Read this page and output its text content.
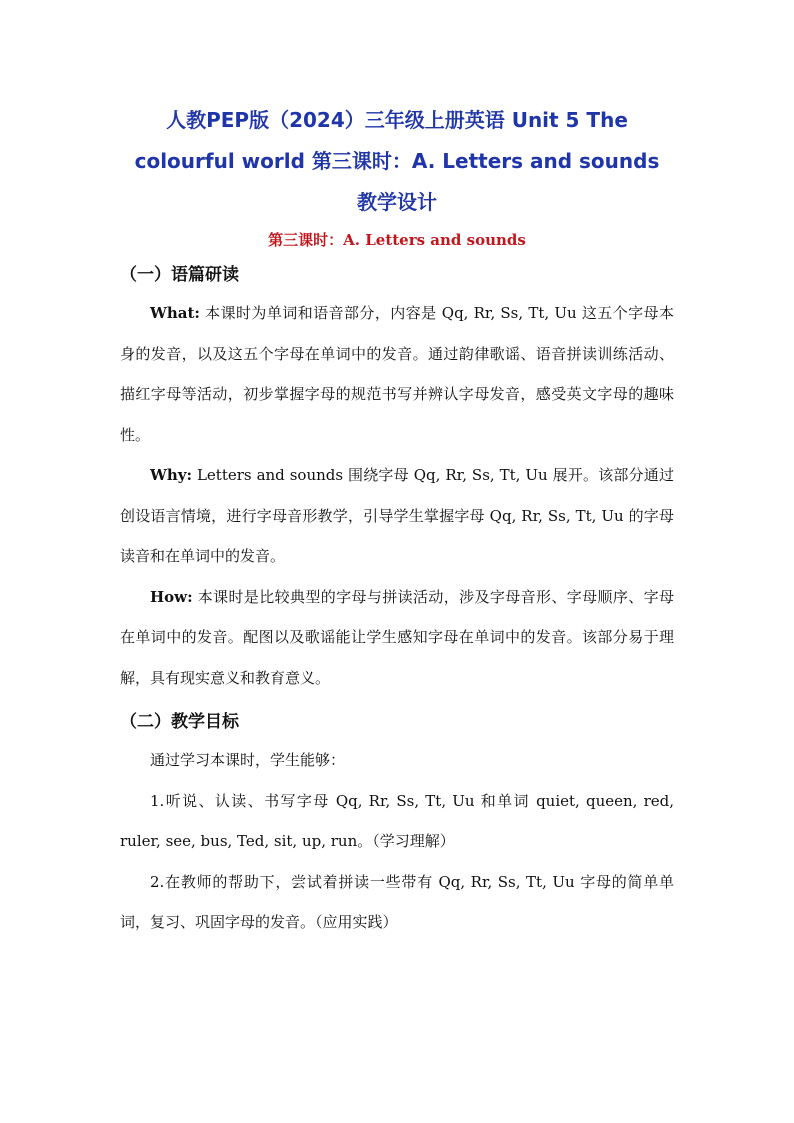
人教PEP版（2024）三年级上册英语 Unit 5 The colourful world 第三课时：A. Letters and sounds 教学设计
第三课时：A. Letters and sounds
（一）语篇研读

What: 本课时为单词和语音部分，内容是 Qq, Rr, Ss, Tt, Uu 这五个字母本身的发音，以及这五个字母在单词中的发音。通过韵律歌谣、语音拼读训练活动、描红字母等活动，初步掌握字母的规范书写并辨认字母发音，感受英文字母的趣味性。

Why: Letters and sounds 围绕字母 Qq, Rr, Ss, Tt, Uu 展开。该部分通过创设语言情境，进行字母音形教学，引导学生掌握字母 Qq, Rr, Ss, Tt, Uu 的字母读音和在单词中的发音。

How: 本课时是比较典型的字母与拼读活动，涉及字母音形、字母顺序、字母在单词中的发音。配图以及歌谣能让学生感知字母在单词中的发音。该部分易于理解，具有现实意义和教育意义。

（二）教学目标

通过学习本课时，学生能够：

1.听说、认读、书写字母 Qq, Rr, Ss, Tt, Uu 和单词 quiet, queen, red, ruler, see, bus, Ted, sit, up, run。（学习理解）

2.在教师的帮助下，尝试着拼读一些带有 Qq, Rr, Ss, Tt, Uu 字母的简单单词，复习、巩固字母的发音。（应用实践）
